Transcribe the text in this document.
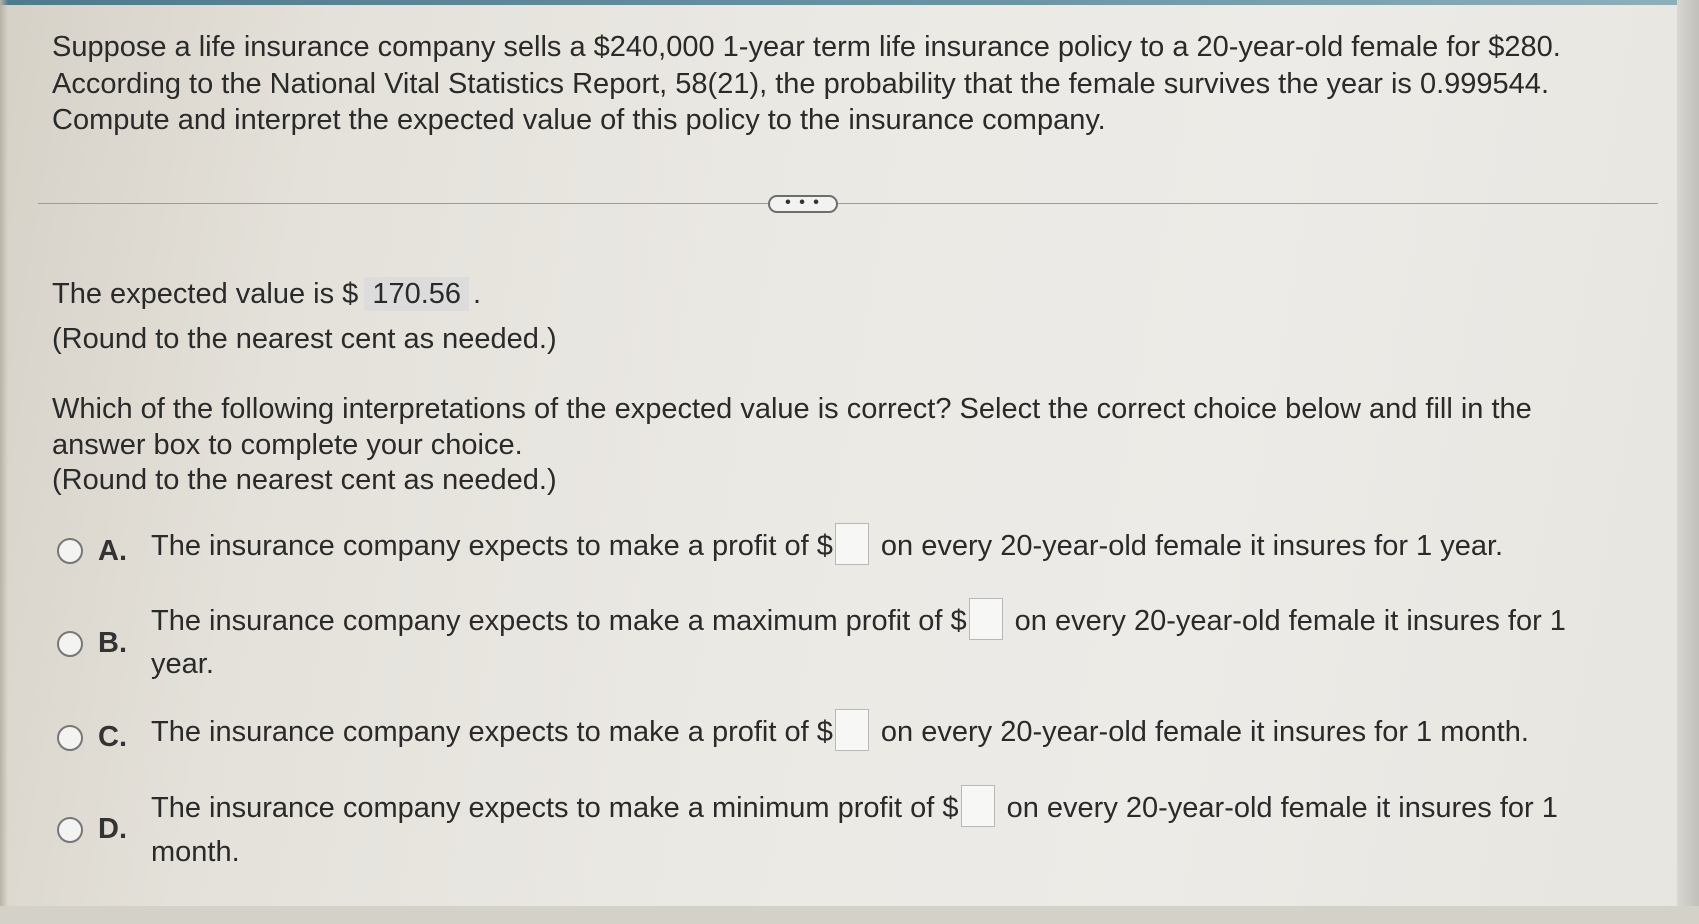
Suppose a life insurance company sells a $240,000 1-year term life insurance policy to a 20-year-old female for $280.
According to the National Vital Statistics Report, 58(21), the probability that the female survives the year is 0.999544.
Compute and interpret the expected value of this policy to the insurance company.
• • •
The expected value is $ 170.56 .
(Round to the nearest cent as needed.)
Which of the following interpretations of the expected value is correct? Select the correct choice below and fill in the
answer box to complete your choice.
(Round to the nearest cent as needed.)
A. The insurance company expects to make a profit of $ on every 20-year-old female it insures for 1 year.
B.
The insurance company expects to make a maximum profit of $ on every 20-year-old female it insures for 1
year.
C. The insurance company expects to make a profit of $ on every 20-year-old female it insures for 1 month.
D.
The insurance company expects to make a minimum profit of $ on every 20-year-old female it insures for 1
month.
